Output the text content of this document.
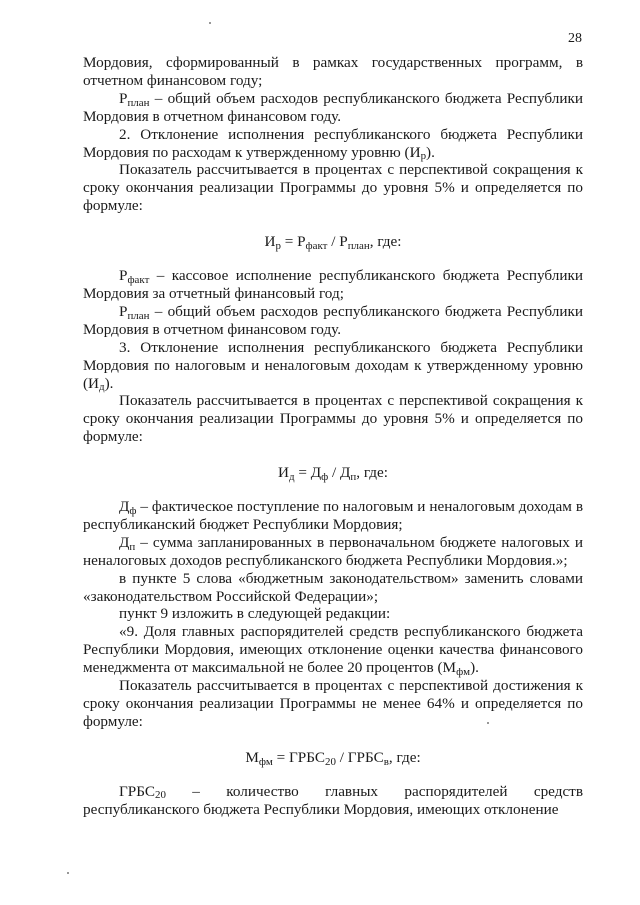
28

Мордовия, сформированный в рамках государственных программ, в отчетном финансовом году;

$Р_{план}$ – общий объем расходов республиканского бюджета Республики Мордовия в отчетном финансовом году.

2. Отклонение исполнения республиканского бюджета Республики Мордовия по расходам к утвержденному уровню $(И_р)$.

Показатель рассчитывается в процентах с перспективой сокращения к сроку окончания реализации Программы до уровня 5% и определяется по формуле:

$И_р = Р_{факт} / Р_{план}$, где:

$Р_{факт}$ – кассовое исполнение республиканского бюджета Республики Мордовия за отчетный финансовый год;

$Р_{план}$ – общий объем расходов республиканского бюджета Республики Мордовия в отчетном финансовом году.

3. Отклонение исполнения республиканского бюджета Республики Мордовия по налоговым и неналоговым доходам к утвержденному уровню $(И_д)$.

Показатель рассчитывается в процентах с перспективой сокращения к сроку окончания реализации Программы до уровня 5% и определяется по формуле:

$И_д = Д_ф / Д_п$, где:

$Д_ф$ – фактическое поступление по налоговым и неналоговым доходам в республиканский бюджет Республики Мордовия;

$Д_п$ – сумма запланированных в первоначальном бюджете налоговых и неналоговых доходов республиканского бюджета Республики Мордовия.»;

в пункте 5 слова «бюджетным законодательством» заменить словами «законодательством Российской Федерации»;

пункт 9 изложить в следующей редакции:

«9. Доля главных распорядителей средств республиканского бюджета Республики Мордовия, имеющих отклонение оценки качества финансового менеджмента от максимальной не более 20 процентов $(М_{фм})$.

Показатель рассчитывается в процентах с перспективой достижения к сроку окончания реализации Программы не менее 64% и определяется по формуле:

$М_{фм}$ = $ГРБС_{20}$ / $ГРБС_в$, где:

$ГРБС_{20}$ – количество главных распорядителей средств

республиканского бюджета Республики Мордовия, имеющих отклонение
